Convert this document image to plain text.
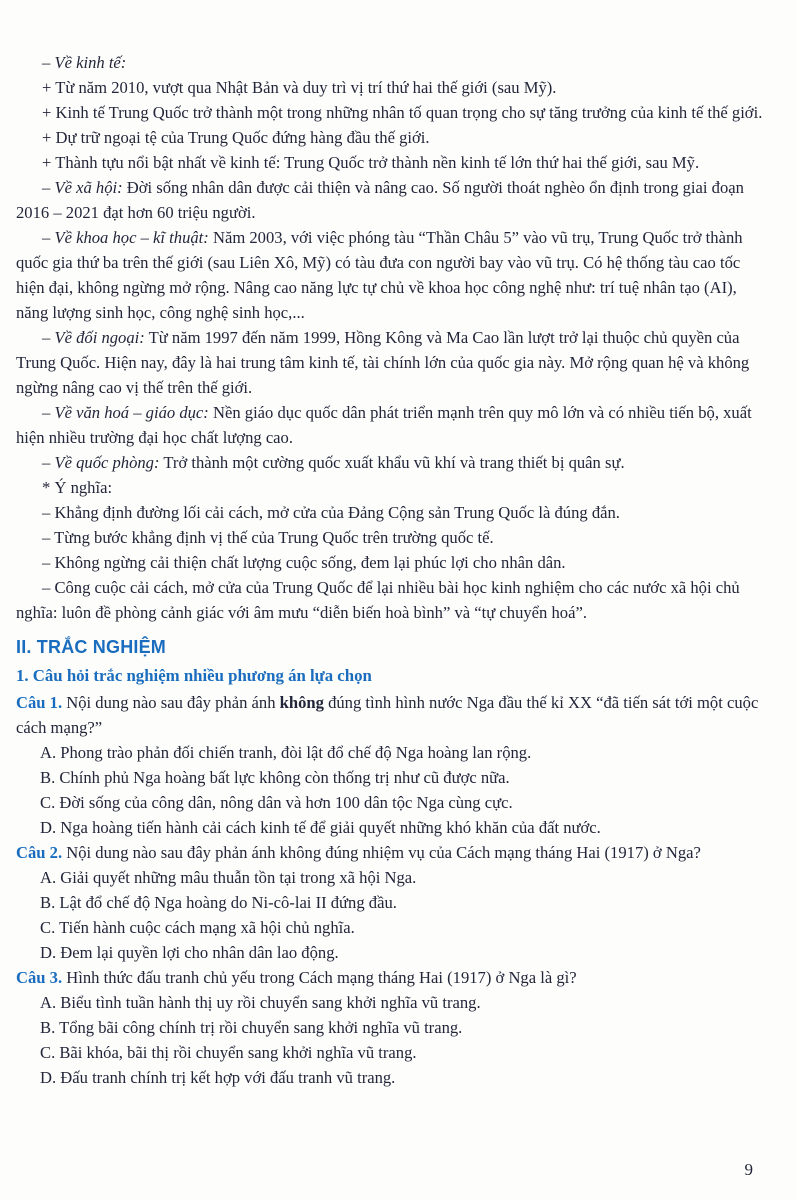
– Về kinh tế:

+ Từ năm 2010, vượt qua Nhật Bản và duy trì vị trí thứ hai thế giới (sau Mỹ).

+ Kinh tế Trung Quốc trở thành một trong những nhân tố quan trọng cho sự tăng trưởng của kinh tế thế giới.

+ Dự trữ ngoại tệ của Trung Quốc đứng hàng đầu thế giới.

+ Thành tựu nổi bật nhất về kinh tế: Trung Quốc trở thành nền kinh tế lớn thứ hai thế giới, sau Mỹ.

– Về xã hội: Đời sống nhân dân được cải thiện và nâng cao. Số người thoát nghèo ổn định trong giai đoạn 2016 – 2021 đạt hơn 60 triệu người.

– Về khoa học – kĩ thuật: Năm 2003, với việc phóng tàu “Thần Châu 5” vào vũ trụ, Trung Quốc trở thành quốc gia thứ ba trên thế giới (sau Liên Xô, Mỹ) có tàu đưa con người bay vào vũ trụ. Có hệ thống tàu cao tốc hiện đại, không ngừng mở rộng. Nâng cao năng lực tự chủ về khoa học công nghệ như: trí tuệ nhân tạo (AI), năng lượng sinh học, công nghệ sinh học,...

– Về đối ngoại: Từ năm 1997 đến năm 1999, Hồng Kông và Ma Cao lần lượt trở lại thuộc chủ quyền của Trung Quốc. Hiện nay, đây là hai trung tâm kinh tế, tài chính lớn của quốc gia này. Mở rộng quan hệ và không ngừng nâng cao vị thế trên thế giới.

– Về văn hoá – giáo dục: Nền giáo dục quốc dân phát triển mạnh trên quy mô lớn và có nhiều tiến bộ, xuất hiện nhiều trường đại học chất lượng cao.

– Về quốc phòng: Trở thành một cường quốc xuất khẩu vũ khí và trang thiết bị quân sự.

* Ý nghĩa:

– Khẳng định đường lối cải cách, mở cửa của Đảng Cộng sản Trung Quốc là đúng đắn.

– Từng bước khẳng định vị thế của Trung Quốc trên trường quốc tế.

– Không ngừng cải thiện chất lượng cuộc sống, đem lại phúc lợi cho nhân dân.

– Công cuộc cải cách, mở cửa của Trung Quốc để lại nhiều bài học kinh nghiệm cho các nước xã hội chủ nghĩa: luôn đề phòng cảnh giác với âm mưu “diễn biến hoà bình” và “tự chuyển hoá”.

II. TRẮC NGHIỆM

1. Câu hỏi trắc nghiệm nhiều phương án lựa chọn

Câu 1. Nội dung nào sau đây phản ánh không đúng tình hình nước Nga đầu thế kỉ XX “đã tiến sát tới một cuộc cách mạng?”

A. Phong trào phản đối chiến tranh, đòi lật đổ chế độ Nga hoàng lan rộng.

B. Chính phủ Nga hoàng bất lực không còn thống trị như cũ được nữa.

C. Đời sống của công dân, nông dân và hơn 100 dân tộc Nga cùng cực.

D. Nga hoàng tiến hành cải cách kinh tế để giải quyết những khó khăn của đất nước.

Câu 2. Nội dung nào sau đây phản ánh không đúng nhiệm vụ của Cách mạng tháng Hai (1917) ở Nga?

A. Giải quyết những mâu thuẫn tồn tại trong xã hội Nga.

B. Lật đổ chế độ Nga hoàng do Ni-cô-lai II đứng đầu.

C. Tiến hành cuộc cách mạng xã hội chủ nghĩa.

D. Đem lại quyền lợi cho nhân dân lao động.

Câu 3. Hình thức đấu tranh chủ yếu trong Cách mạng tháng Hai (1917) ở Nga là gì?

A. Biểu tình tuần hành thị uy rồi chuyển sang khởi nghĩa vũ trang.

B. Tổng bãi công chính trị rồi chuyển sang khởi nghĩa vũ trang.

C. Bãi khóa, bãi thị rồi chuyển sang khởi nghĩa vũ trang.

D. Đấu tranh chính trị kết hợp với đấu tranh vũ trang.

9
